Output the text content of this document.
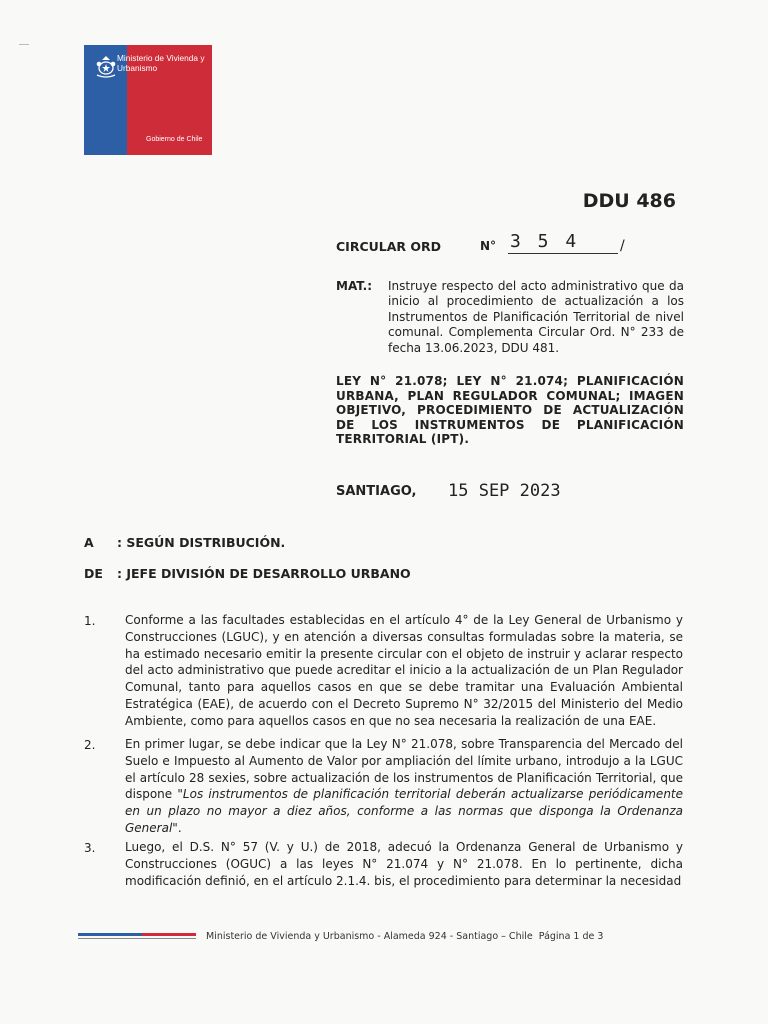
Ministerio de Vivienda y Urbanismo
Gobierno de Chile
DDU 486
CIRCULAR ORD	N° 3 5 4	/
MAT.: Instruye respecto del acto administrativo que da inicio al procedimiento de actualización a los Instrumentos de Planificación Territorial de nivel comunal. Complementa Circular Ord. N° 233 de fecha 13.06.2023, DDU 481.
LEY N° 21.078; LEY N° 21.074; PLANIFICACIÓN URBANA, PLAN REGULADOR COMUNAL; IMAGEN OBJETIVO, PROCEDIMIENTO DE ACTUALIZACIÓN DE LOS INSTRUMENTOS DE PLANIFICACIÓN TERRITORIAL (IPT).
SANTIAGO, 15 SEP 2023
A : SEGÚN DISTRIBUCIÓN.
DE : JEFE DIVISIÓN DE DESARROLLO URBANO
1. Conforme a las facultades establecidas en el artículo 4° de la Ley General de Urbanismo y Construcciones (LGUC), y en atención a diversas consultas formuladas sobre la materia, se ha estimado necesario emitir la presente circular con el objeto de instruir y aclarar respecto del acto administrativo que puede acreditar el inicio a la actualización de un Plan Regulador Comunal, tanto para aquellos casos en que se debe tramitar una Evaluación Ambiental Estratégica (EAE), de acuerdo con el Decreto Supremo N° 32/2015 del Ministerio del Medio Ambiente, como para aquellos casos en que no sea necesaria la realización de una EAE.

2. En primer lugar, se debe indicar que la Ley N° 21.078, sobre Transparencia del Mercado del Suelo e Impuesto al Aumento de Valor por ampliación del límite urbano, introdujo a la LGUC el artículo 28 sexies, sobre actualización de los instrumentos de Planificación Territorial, que dispone "Los instrumentos de planificación territorial deberán actualizarse periódicamente en un plazo no mayor a diez años, conforme a las normas que disponga la Ordenanza General".

3. Luego, el D.S. N° 57 (V. y U.) de 2018, adecuó la Ordenanza General de Urbanismo y Construcciones (OGUC) a las leyes N° 21.074 y N° 21.078. En lo pertinente, dicha modificación definió, en el artículo 2.1.4. bis, el procedimiento para determinar la necesidad

Ministerio de Vivienda y Urbanismo - Alameda 924 - Santiago – Chile Página 1 de 3
